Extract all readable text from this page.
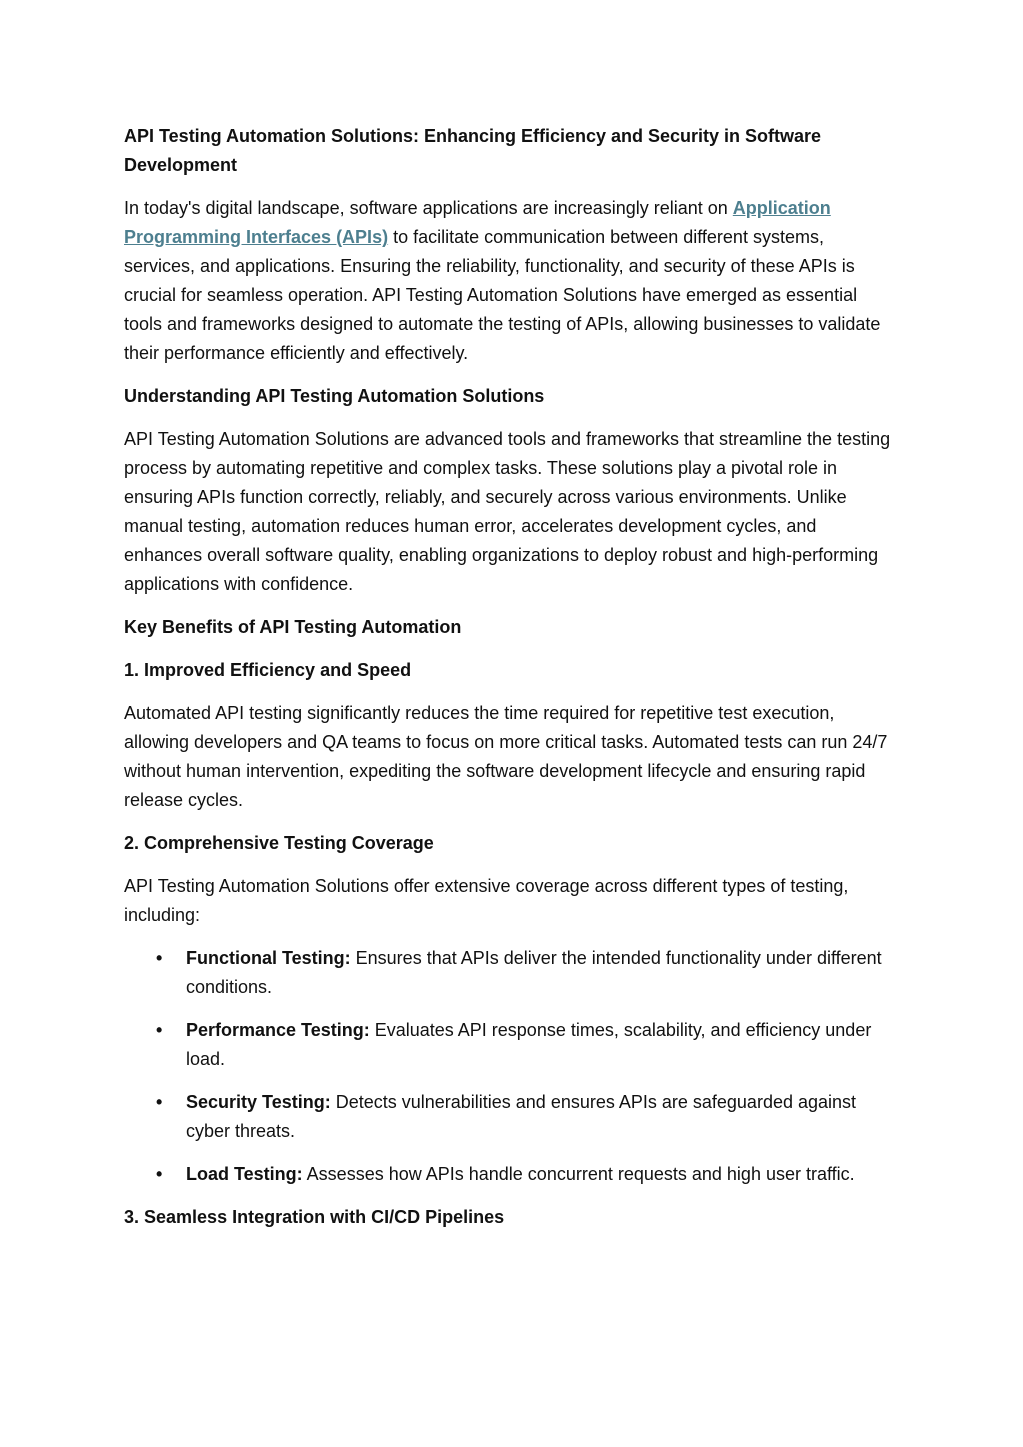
API Testing Automation Solutions: Enhancing Efficiency and Security in Software Development
In today's digital landscape, software applications are increasingly reliant on Application Programming Interfaces (APIs) to facilitate communication between different systems, services, and applications. Ensuring the reliability, functionality, and security of these APIs is crucial for seamless operation. API Testing Automation Solutions have emerged as essential tools and frameworks designed to automate the testing of APIs, allowing businesses to validate their performance efficiently and effectively.
Understanding API Testing Automation Solutions
API Testing Automation Solutions are advanced tools and frameworks that streamline the testing process by automating repetitive and complex tasks. These solutions play a pivotal role in ensuring APIs function correctly, reliably, and securely across various environments. Unlike manual testing, automation reduces human error, accelerates development cycles, and enhances overall software quality, enabling organizations to deploy robust and high-performing applications with confidence.
Key Benefits of API Testing Automation
1. Improved Efficiency and Speed
Automated API testing significantly reduces the time required for repetitive test execution, allowing developers and QA teams to focus on more critical tasks. Automated tests can run 24/7 without human intervention, expediting the software development lifecycle and ensuring rapid release cycles.
2. Comprehensive Testing Coverage
API Testing Automation Solutions offer extensive coverage across different types of testing, including:
• Functional Testing: Ensures that APIs deliver the intended functionality under different conditions.
• Performance Testing: Evaluates API response times, scalability, and efficiency under load.
• Security Testing: Detects vulnerabilities and ensures APIs are safeguarded against cyber threats.
• Load Testing: Assesses how APIs handle concurrent requests and high user traffic.
3. Seamless Integration with CI/CD Pipelines
